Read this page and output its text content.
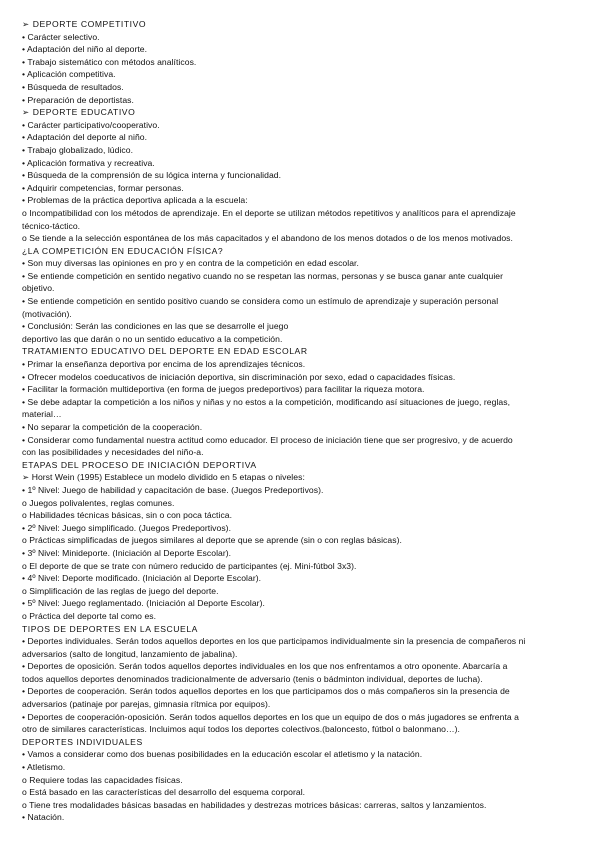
➢ DEPORTE COMPETITIVO
• Carácter selectivo.
• Adaptación del niño al deporte.
• Trabajo sistemático con métodos analíticos.
• Aplicación competitiva.
• Búsqueda de resultados.
• Preparación de deportistas.
➢ DEPORTE EDUCATIVO
• Carácter participativo/cooperativo.
• Adaptación del deporte al niño.
• Trabajo globalizado, lúdico.
• Aplicación formativa y recreativa.
• Búsqueda de la comprensión de su lógica interna y funcionalidad.
• Adquirir competencias, formar personas.
• Problemas de la práctica deportiva aplicada a la escuela:
o Incompatibilidad con los métodos de aprendizaje. En el deporte se utilizan métodos repetitivos y analíticos para el aprendizaje
técnico-táctico.
o Se tiende a la selección espontánea de los más capacitados y el abandono de los menos dotados o de los menos motivados.
¿LA COMPETICIÓN EN EDUCACIÓN FÍSICA?
• Son muy diversas las opiniones en pro y en contra de la competición en edad escolar.
• Se entiende competición en sentido negativo cuando no se respetan las normas, personas y se busca ganar ante cualquier
objetivo.
• Se entiende competición en sentido positivo cuando se considera como un estímulo de aprendizaje y superación personal
(motivación).
• Conclusión: Serán las condiciones en las que se desarrolle el juego
deportivo las que darán o no un sentido educativo a la competición.
TRATAMIENTO EDUCATIVO DEL DEPORTE EN EDAD ESCOLAR
• Primar la enseñanza deportiva por encima de los aprendizajes técnicos.
• Ofrecer modelos coeducativos de iniciación deportiva, sin discriminación por sexo, edad o capacidades físicas.
• Facilitar la formación multideportiva (en forma de juegos predeportivos) para facilitar la riqueza motora.
• Se debe adaptar la competición a los niños y niñas y no estos a la competición, modificando así situaciones de juego, reglas,
material…
• No separar la competición de la cooperación.
• Considerar como fundamental nuestra actitud como educador. El proceso de iniciación tiene que ser progresivo, y de acuerdo
con las posibilidades y necesidades del niño-a.
ETAPAS DEL PROCESO DE INICIACIÓN DEPORTIVA
➢ Horst Wein (1995) Establece un modelo dividido en 5 etapas o niveles:
• 1º Nivel: Juego de habilidad y capacitación de base. (Juegos Predeportivos).
o Juegos polivalentes, reglas comunes.
o Habilidades técnicas básicas, sin o con poca táctica.
• 2º Nivel: Juego simplificado. (Juegos Predeportivos).
o Prácticas simplificadas de juegos similares al deporte que se aprende (sin o con reglas básicas).
• 3º Nivel: Minideporte. (Iniciación al Deporte Escolar).
o El deporte de que se trate con número reducido de participantes (ej. Mini-fútbol 3x3).
• 4º Nivel: Deporte modificado. (Iniciación al Deporte Escolar).
o Simplificación de las reglas de juego del deporte.
• 5º Nivel: Juego reglamentado. (Iniciación al Deporte Escolar).
o Práctica del deporte tal como es.
TIPOS DE DEPORTES EN LA ESCUELA
• Deportes individuales. Serán todos aquellos deportes en los que participamos individualmente sin la presencia de compañeros ni
adversarios (salto de longitud, lanzamiento de jabalina).
• Deportes de oposición. Serán todos aquellos deportes individuales en los que nos enfrentamos a otro oponente. Abarcaría a
todos aquellos deportes denominados tradicionalmente de adversario (tenis o bádminton individual, deportes de lucha).
• Deportes de cooperación. Serán todos aquellos deportes en los que participamos dos o más compañeros sin la presencia de
adversarios (patinaje por parejas, gimnasia rítmica por equipos).
• Deportes de cooperación-oposición. Serán todos aquellos deportes en los que un equipo de dos o más jugadores se enfrenta a
otro de similares características. Incluimos aquí todos los deportes colectivos.(baloncesto, fútbol o balonmano…).
DEPORTES INDIVIDUALES
• Vamos a considerar como dos buenas posibilidades en la educación escolar el atletismo y la natación.
• Atletismo.
o Requiere todas las capacidades físicas.
o Está basado en las características del desarrollo del esquema corporal.
o Tiene tres modalidades básicas basadas en habilidades y destrezas motrices básicas: carreras, saltos y lanzamientos.
• Natación.
